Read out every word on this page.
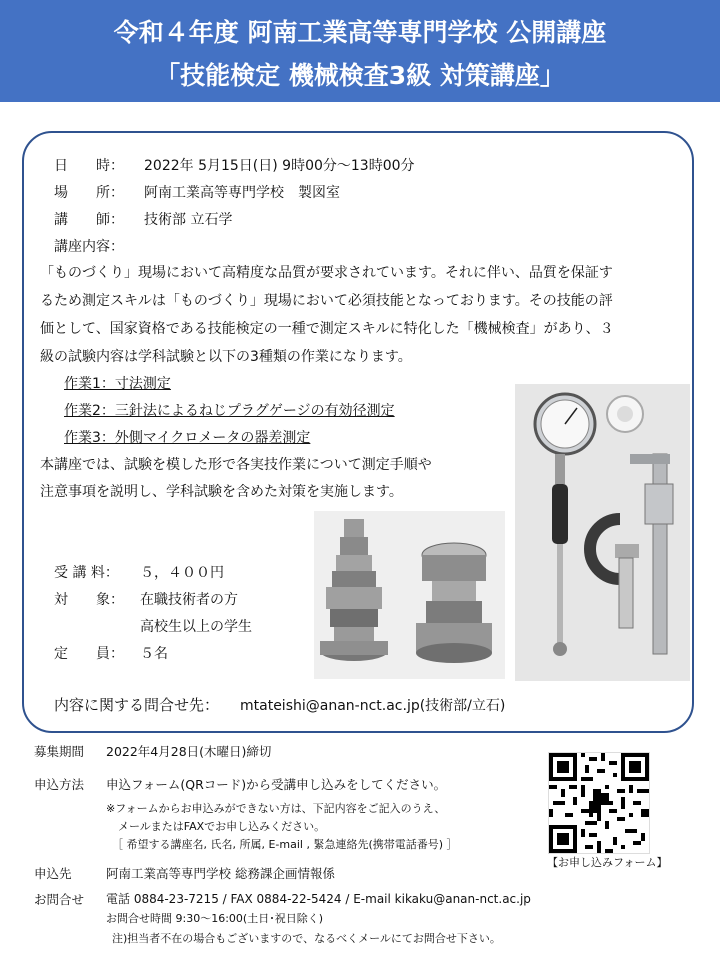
令和４年度 阿南工業高等専門学校 公開講座
「技能検定 機械検査3級 対策講座」
日　　時： 2022年 5月15日(日) 9時00分～13時00分
場　　所： 阿南工業高等専門学校　製図室
講　　師： 技術部 立石学
講座内容：
「ものづくり」現場において高精度な品質が要求されています。それに伴い、品質を保証す
るため測定スキルは「ものづくり」現場において必須技能となっております。その技能の評
価として、国家資格である技能検定の一種で測定スキルに特化した「機械検査」があり、３
級の試験内容は学科試験と以下の3種類の作業になります。
作業1：寸法測定
作業2：三針法によるねじプラグゲージの有効径測定
作業3：外側マイクロメータの器差測定
本講座では、試験を模した形で各実技作業について測定手順や
注意事項を説明し、学科試験を含めた対策を実施します。
受 講 料： ５，４００円
対　　象： 在職技術者の方
高校生以上の学生
定　　員： ５名
内容に関する問合せ先： mtateishi@anan-nct.ac.jp(技術部/立石)
募集期間 2022年4月28日(木曜日)締切
申込方法 申込フォーム(QRコード)から受講申し込みをしてください。
※フォームからお申込みができない方は、下記内容をご記入のうえ、
メールまたはFAXでお申し込みください。
［ 希望する講座名, 氏名, 所属, E-mail , 緊急連絡先(携帯電話番号) ］
申込先	阿南工業高等専門学校 総務課企画情報係
お問合せ 電話 0884-23-7215 / FAX 0884-22-5424 / E-mail kikaku@anan-nct.ac.jp
お問合せ時間 9:30～16:00(土日･祝日除く)
注)担当者不在の場合もございますので、なるべくメールにてお問合せ下さい。
【お申し込みフォーム】
